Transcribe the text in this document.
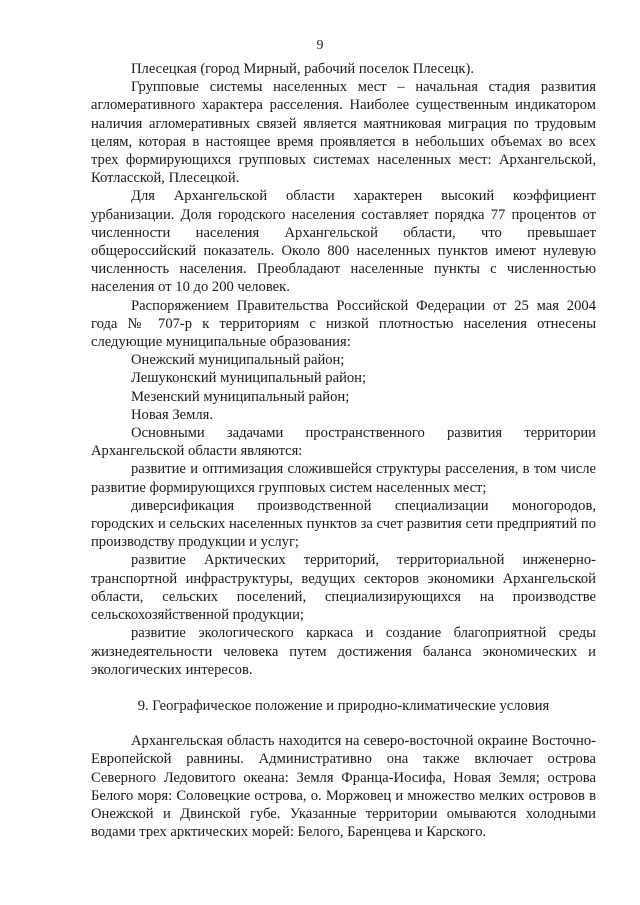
9

Плесецкая (город Мирный, рабочий поселок Плесецк).

Групповые системы населенных мест – начальная стадия развития агломеративного характера расселения. Наиболее существенным индикатором наличия агломеративных связей является маятниковая миграция по трудовым целям, которая в настоящее время проявляется в небольших объемах во всех трех формирующихся групповых системах населенных мест: Архангельской, Котласской, Плесецкой.

Для Архангельской области характерен высокий коэффициент урбанизации. Доля городского населения составляет порядка 77 процентов от численности населения Архангельской области, что превышает общероссийский показатель. Около 800 населенных пунктов имеют нулевую численность населения. Преобладают населенные пункты с численностью населения от 10 до 200 человек.

Распоряжением Правительства Российской Федерации от 25 мая 2004 года № 707-р к территориям с низкой плотностью населения отнесены следующие муниципальные образования:

Онежский муниципальный район;

Лешуконский муниципальный район;

Мезенский муниципальный район;

Новая Земля.

Основными задачами пространственного развития территории Архангельской области являются:

развитие и оптимизация сложившейся структуры расселения, в том числе развитие формирующихся групповых систем населенных мест;

диверсификация производственной специализации моногородов, городских и сельских населенных пунктов за счет развития сети предприятий по производству продукции и услуг;

развитие Арктических территорий, территориальной инженерно-транспортной инфраструктуры, ведущих секторов экономики Архангельской области, сельских поселений, специализирующихся на производстве сельскохозяйственной продукции;

развитие экологического каркаса и создание благоприятной среды жизнедеятельности человека путем достижения баланса экономических и экологических интересов.

9. Географическое положение и природно-климатические условия

Архангельская область находится на северо-восточной окраине Восточно-Европейской равнины. Административно она также включает острова Северного Ледовитого океана: Земля Франца-Иосифа, Новая Земля; острова Белого моря: Соловецкие острова, о. Моржовец и множество мелких островов в Онежской и Двинской губе. Указанные территории омываются холодными водами трех арктических морей: Белого, Баренцева и Карского.
